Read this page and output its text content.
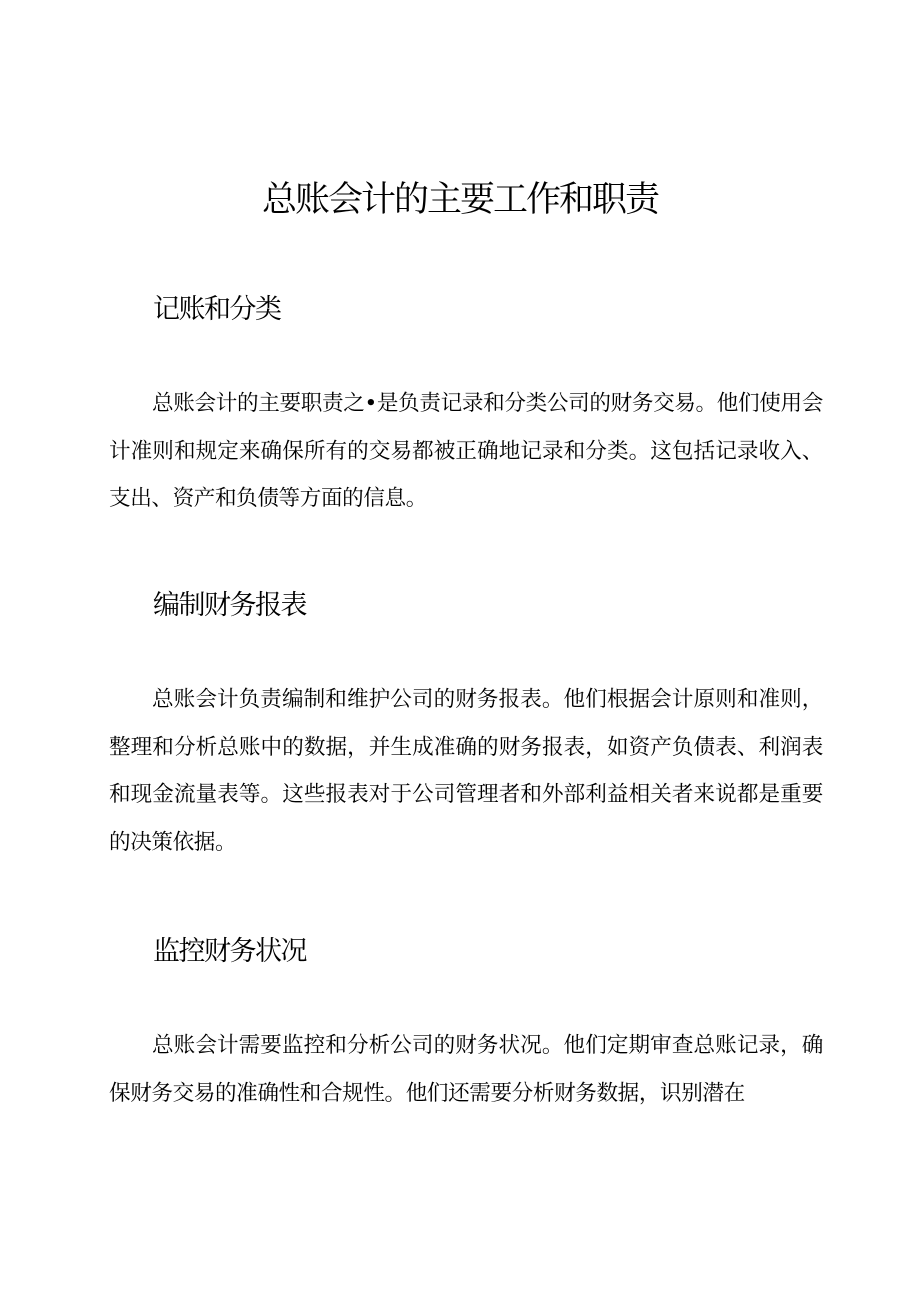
总账会计的主要工作和职责
记账和分类

总账会计的主要职责之•是负责记录和分类公司的财务交易。他们使用会计准则和规定来确保所有的交易都被正确地记录和分类。这包括记录收入、支出、资产和负债等方面的信息。

编制财务报表

总账会计负责编制和维护公司的财务报表。他们根据会计原则和准则，整理和分析总账中的数据，并生成准确的财务报表，如资产负债表、利润表和现金流量表等。这些报表对于公司管理者和外部利益相关者来说都是重要的决策依据。

监控财务状况

总账会计需要监控和分析公司的财务状况。他们定期审查总账记录，确保财务交易的准确性和合规性。他们还需要分析财务数据，识别潜在
